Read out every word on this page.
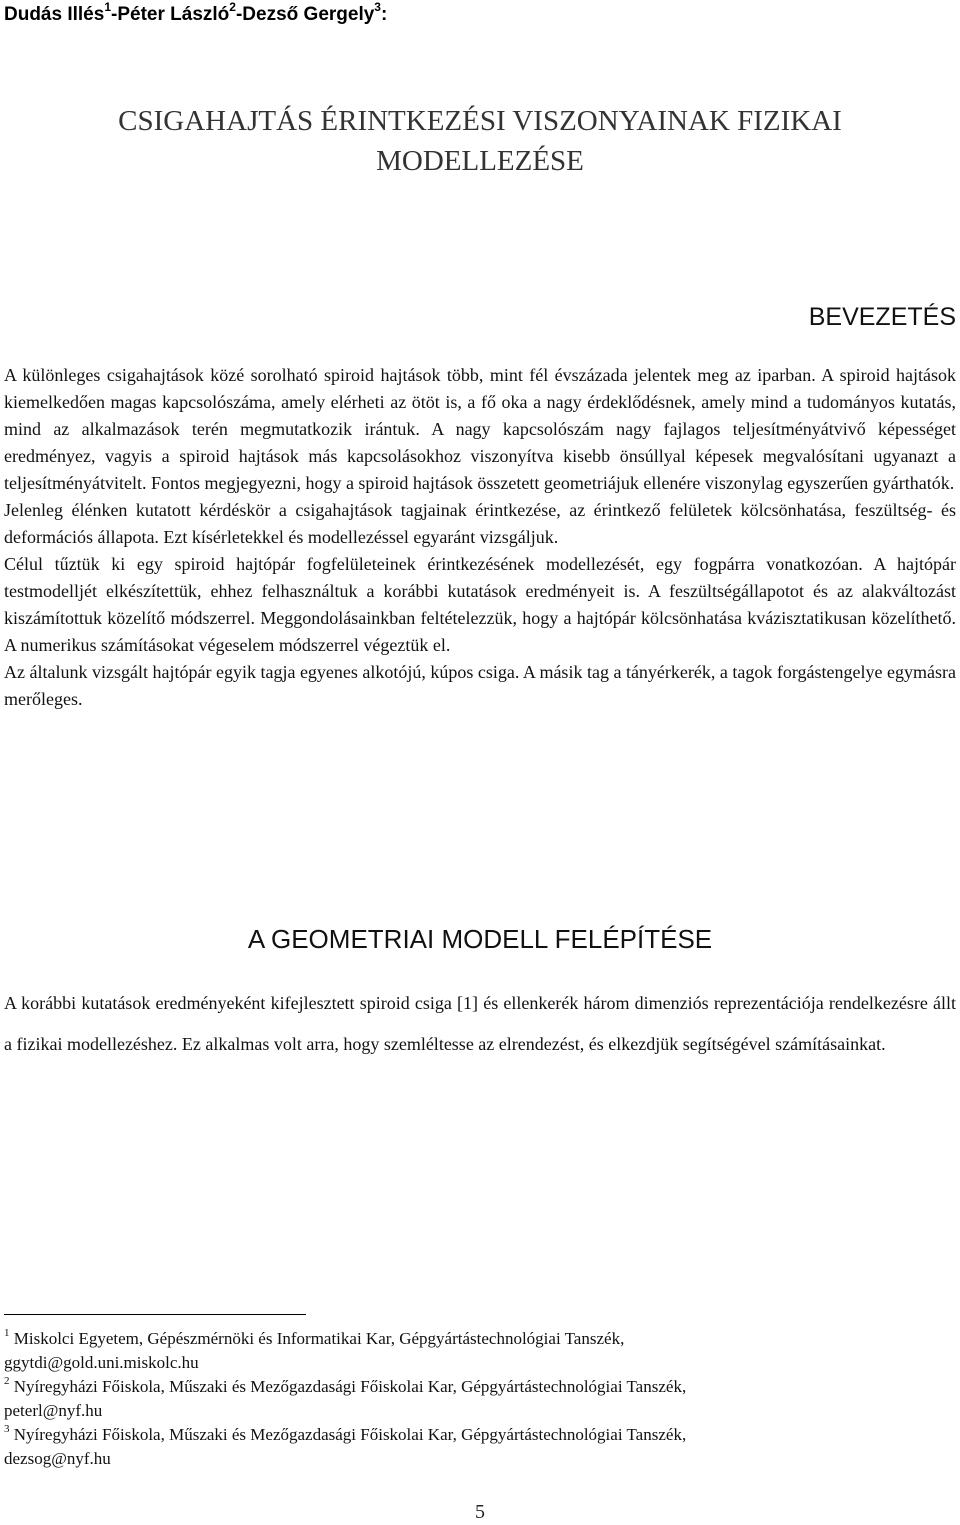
Dudás Illés$^1$-Péter László$^2$-Dezső Gergely$^3$:
CSIGAHAJTÁS ÉRINTKEZÉSI VISZONYAINAK FIZIKAI
MODELLEZÉSE
BEVEZETÉS

A különleges csigahajtások közé sorolható spiroid hajtások több, mint fél évszázada jelentek meg az iparban. A spiroid hajtások kiemelkedően magas kapcsolószáma, amely elérheti az ötöt is, a fő oka a nagy érdeklődésnek, amely mind a tudományos kutatás, mind az alkalmazások terén megmutatkozik irántuk. A nagy kapcsolószám nagy fajlagos teljesítményátvivő képességet eredményez, vagyis a spiroid hajtások más kapcsolásokhoz viszonyítva kisebb önsúllyal képesek megvalósítani ugyanazt a teljesítményátvitelt. Fontos megjegyezni, hogy a spiroid hajtások összetett geometriájuk ellenére viszonylag egyszerűen gyárthatók.

Jelenleg élénken kutatott kérdéskör a csigahajtások tagjainak érintkezése, az érintkező felületek kölcsönhatása, feszültség- és deformációs állapota. Ezt kísérletekkel és modellezéssel egyaránt vizsgáljuk.

Célul tűztük ki egy spiroid hajtópár fogfelületeinek érintkezésének modellezését, egy fogpárra vonatkozóan. A hajtópár testmodelljét elkészítettük, ehhez felhasználtuk a korábbi kutatások eredményeit is. A feszültségállapotot és az alakváltozást kiszámítottuk közelítő módszerrel. Meggondolásainkban feltételezzük, hogy a hajtópár kölcsönhatása kvázisztatikusan közelíthető. A numerikus számításokat végeselem módszerrel végeztük el.

Az általunk vizsgált hajtópár egyik tagja egyenes alkotójú, kúpos csiga. A másik tag a tányérkerék, a tagok forgástengelye egymásra merőleges.

A GEOMETRIAI MODELL FELÉPÍTÉSE

A korábbi kutatások eredményeként kifejlesztett spiroid csiga [1] és ellenkerék három dimenziós reprezentációja rendelkezésre állt a fizikai modellezéshez. Ez alkalmas volt arra, hogy szemléltesse az elrendezést, és elkezdjük segítségével számításainkat.

$^1$ Miskolci Egyetem, Gépészmérnöki és Informatikai Kar, Gépgyártástechnológiai Tanszék,
ggytdi@gold.uni.miskolc.hu
$^2$ Nyíregyházi Főiskola, Műszaki és Mezőgazdasági Főiskolai Kar, Gépgyártástechnológiai Tanszék,
peterl@nyf.hu
$^3$ Nyíregyházi Főiskola, Műszaki és Mezőgazdasági Főiskolai Kar, Gépgyártástechnológiai Tanszék,
dezsog@nyf.hu
5
